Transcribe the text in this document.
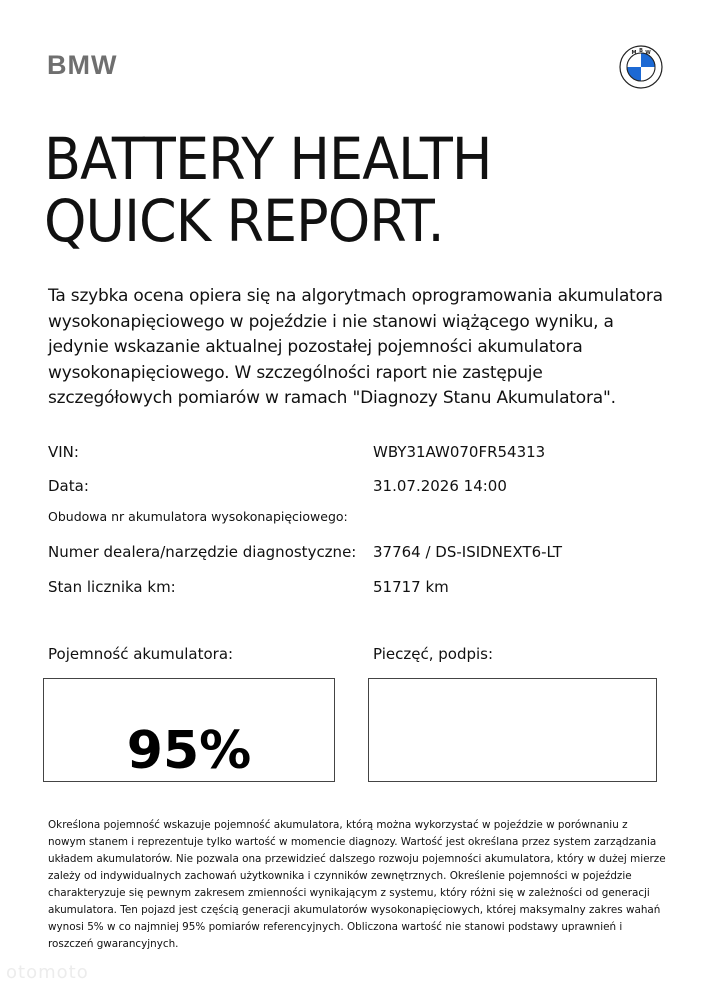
BMW	B W
M
BATTERY HEALTH
QUICK REPORT.

Ta szybka ocena opiera się na algorytmach oprogramowania akumulatora wysokonapięciowego w pojeździe i nie stanowi wiążącego wyniku, a jedynie wskazanie aktualnej pozostałej pojemności akumulatora wysokonapięciowego. W szczególności raport nie zastępuje szczegółowych pomiarów w ramach "Diagnozy Stanu Akumulatora".

VIN:	WBY31AW070FR54313
Data:	31.07.2026 14:00
Obudowa nr akumulatora wysokonapięciowego:
Numer dealera/narzędzie diagnostyczne: 37764 / DS-ISIDNEXT6-LT
Stan licznika km:	51717 km
Pojemność akumulatora:	Pieczęć, podpis:
95%

Określona pojemność wskazuje pojemność akumulatora, którą można wykorzystać w pojeździe w porównaniu z nowym stanem i reprezentuje tylko wartość w momencie diagnozy. Wartość jest określana przez system zarządzania układem akumulatorów. Nie pozwala ona przewidzieć dalszego rozwoju pojemności akumulatora, który w dużej mierze zależy od indywidualnych zachowań użytkownika i czynników zewnętrznych. Określenie pojemności w pojeździe charakteryzuje się pewnym zakresem zmienności wynikającym z systemu, który różni się w zależności od generacji akumulatora. Ten pojazd jest częścią generacji akumulatorów wysokonapięciowych, której maksymalny zakres wahań wynosi 5% w co najmniej 95% pomiarów referencyjnych. Obliczona wartość nie stanowi podstawy uprawnień i roszczeń gwarancyjnych.

otomoto
